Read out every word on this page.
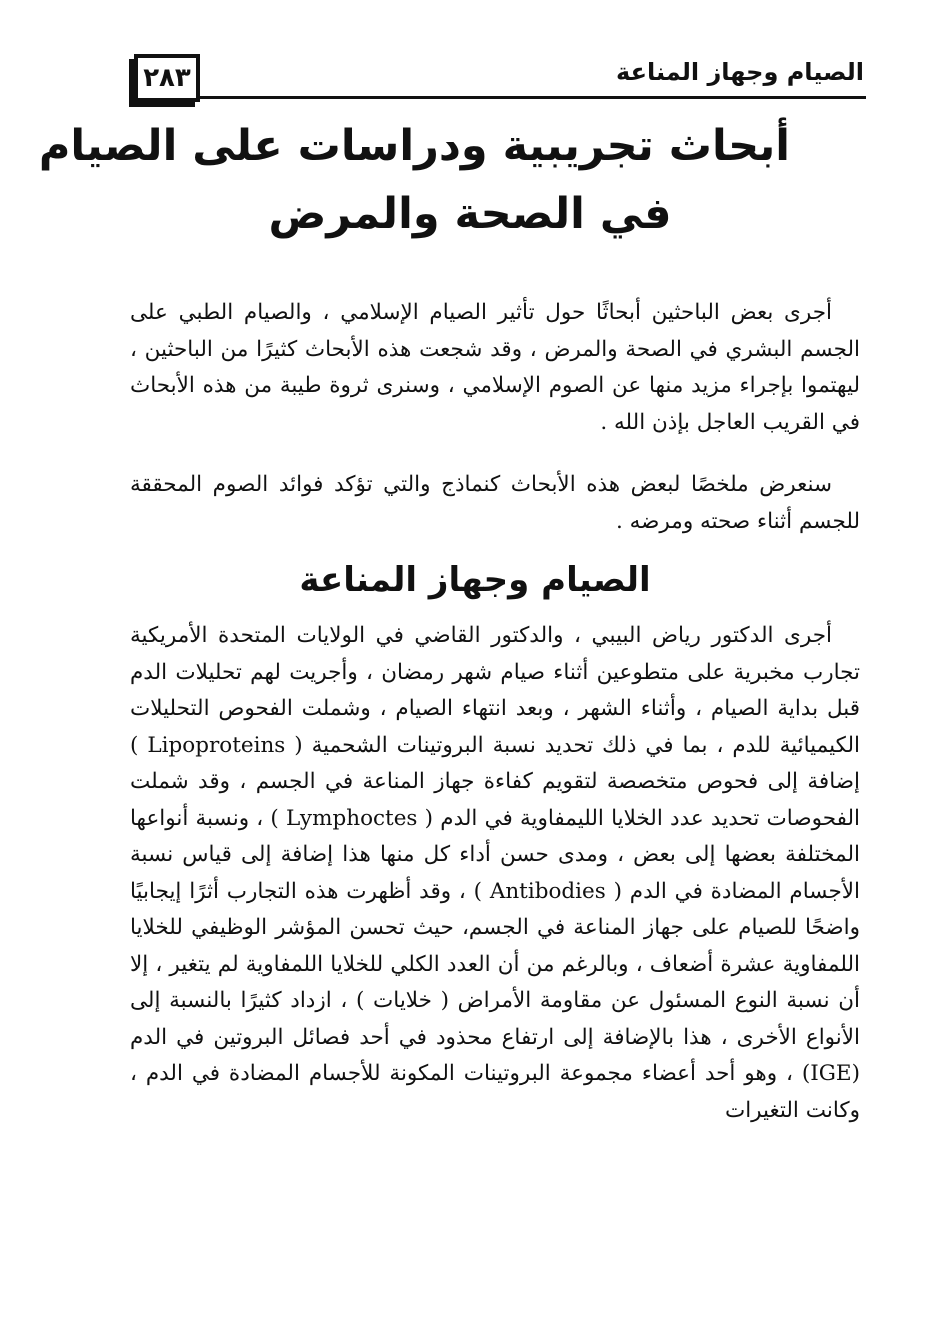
٢٨٣	الصيام وجهاز المناعة
أبحاث تجريبية ودراسات على الصيام
في الصحة والمرض

أجرى بعض الباحثين أبحاثًا حول تأثير الصيام الإسلامي ، والصيام الطبي على الجسم البشري في الصحة والمرض ، وقد شجعت هذه الأبحاث كثيرًا من الباحثين ، ليهتموا بإجراء مزيد منها عن الصوم الإسلامي ، وسنرى ثروة طيبة من هذه الأبحاث في القريب العاجل بإذن الله .

سنعرض ملخصًا لبعض هذه الأبحاث كنماذج والتي تؤكد فوائد الصوم المحققة للجسم أثناء صحته ومرضه .

الصيام وجهاز المناعة

أجرى الدكتور رياض البيبي ، والدكتور القاضي في الولايات المتحدة الأمريكية تجارب مخبرية على متطوعين أثناء صيام شهر رمضان ، وأجريت لهم تحليلات الدم قبل بداية الصيام ، وأثناء الشهر ، وبعد انتهاء الصيام ، وشملت الفحوص التحليلات الكيميائية للدم ، بما في ذلك تحديد نسبة البروتينات الشحمية ( Lipoproteins ) إضافة إلى فحوص متخصصة لتقويم كفاءة جهاز المناعة في الجسم ، وقد شملت الفحوصات تحديد عدد الخلايا الليمفاوية في الدم ( Lymphoctes ) ، ونسبة أنواعها المختلفة بعضها إلى بعض ، ومدى حسن أداء كل منها هذا إضافة إلى قياس نسبة الأجسام المضادة في الدم ( Antibodies ) ، وقد أظهرت هذه التجارب أثرًا إيجابيًا واضحًا للصيام على جهاز المناعة في الجسم، حيث تحسن المؤشر الوظيفي للخلايا اللمفاوية عشرة أضعاف ، وبالرغم من أن العدد الكلي للخلايا اللمفاوية لم يتغير ، إلا أن نسبة النوع المسئول عن مقاومة الأمراض ( خلايات ) ، ازداد كثيرًا بالنسبة إلى الأنواع الأخرى ، هذا بالإضافة إلى ارتفاع محذود في أحد فصائل البروتين في الدم (IGE) ، وهو أحد أعضاء مجموعة البروتينات المكونة للأجسام المضادة في الدم ، وكانت التغيرات
